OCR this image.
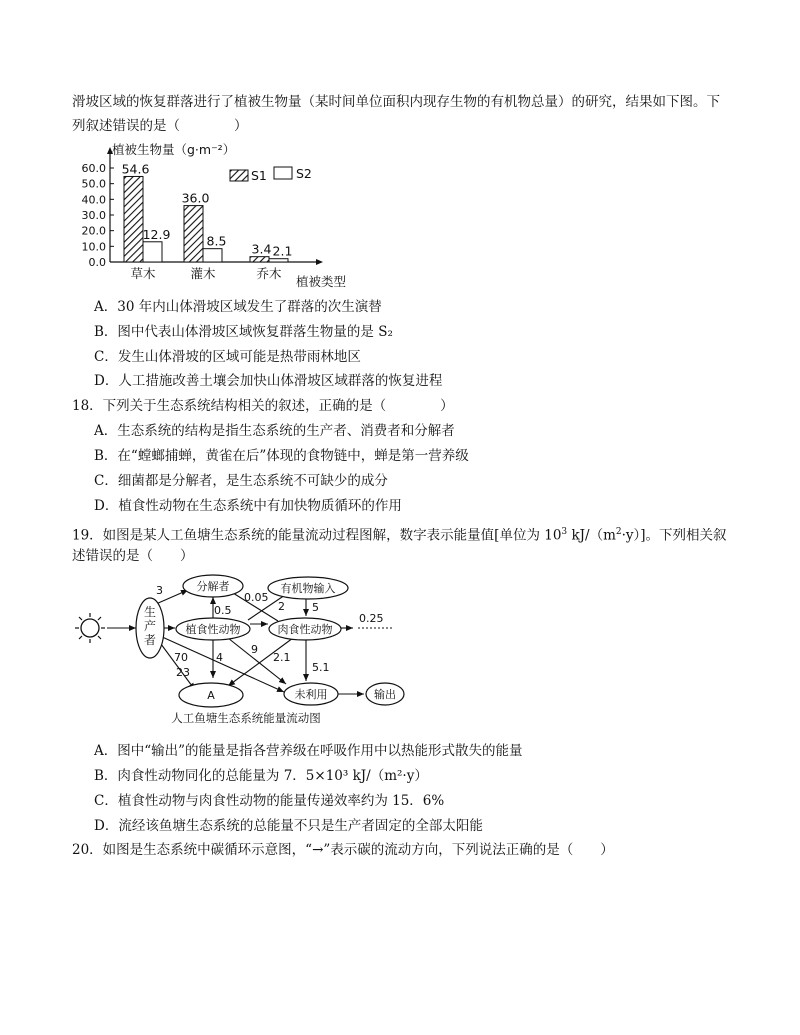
滑坡区域的恢复群落进行了植被生物量（某时间单位面积内现存生物的有机物总量）的研究，结果如下图。下
列叙述错误的是（　　　　）
60.0
50.0
40.0
30.0
20.0
10.0
0.0
植被生物量（g·m⁻²）
54.6
12.9
草木
36.0
8.5
灌木
3.4 2.1
乔木
植被类型
S1 S2
A．30 年内山体滑坡区域发生了群落的次生演替
B．图中代表山体滑坡区域恢复群落生物量的是 S₂
C．发生山体滑坡的区域可能是热带雨林地区
D．人工措施改善土壤会加快山体滑坡区域群落的恢复进程
18．下列关于生态系统结构相关的叙述，正确的是（　　　　）
A．生态系统的结构是指生态系统的生产者、消费者和分解者
B．在“螳螂捕蝉，黄雀在后”体现的食物链中，蝉是第一营养级
C．细菌都是分解者，是生态系统不可缺少的成分
D．植食性动物在生态系统中有加快物质循环的作用
19．如图是某人工鱼塘生态系统的能量流动过程图解，数字表示能量值[单位为 $10^3$ $kJ/(m^2\cdot y)$]。下列相关叙
述错误的是（　　）
生产者
分解者	有机物输入
植食性动物	肉食性动物
A	未利用	输出
3
0.05
0.5	2 5
0.25
70	4
9
2.1
23	5.1
人工鱼塘生态系统能量流动图
A．图中“输出”的能量是指各营养级在呼吸作用中以热能形式散失的能量
B．肉食性动物同化的总能量为 7．5×10³ kJ/（m²·y）
C．植食性动物与肉食性动物的能量传递效率约为 15．6%
D．流经该鱼塘生态系统的总能量不只是生产者固定的全部太阳能
20．如图是生态系统中碳循环示意图，“→”表示碳的流动方向，下列说法正确的是（　　）
